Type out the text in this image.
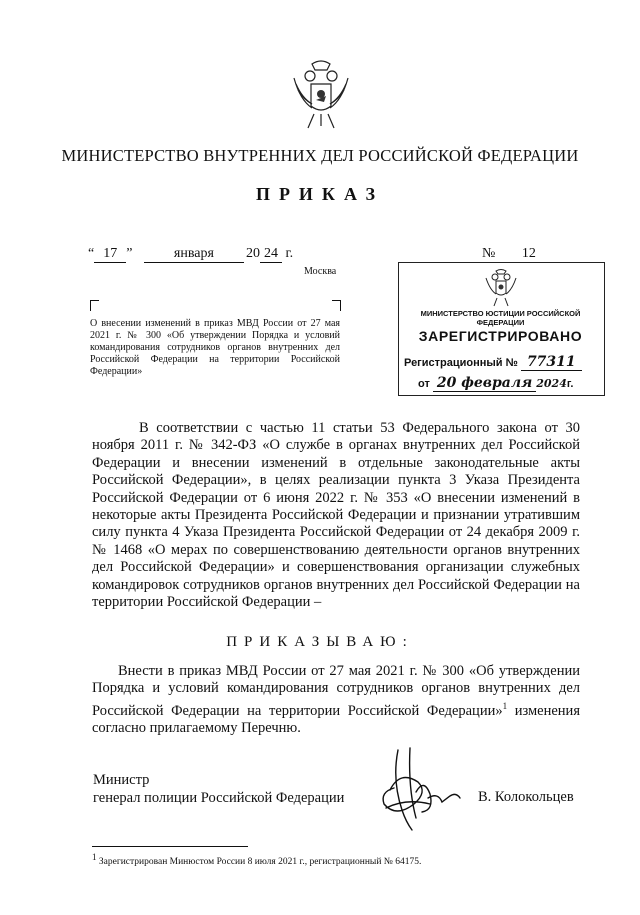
МИНИСТЕРСТВО ВНУТРЕННИХ ДЕЛ РОССИЙСКОЙ ФЕДЕРАЦИИ
ПРИКАЗ
“ 17 ”	января 20 24 г.
Москва
№ 12
О внесении изменений в приказ МВД России от 27 мая 2021 г. № 300 «Об утверждении Порядка и условий командирования сотрудников органов внутренних дел Российской Федерации на территории Российской Федерации»
МИНИСТЕРСТВО ЮСТИЦИИ РОССИЙСКОЙ ФЕДЕРАЦИИ
ЗАРЕГИСТРИРОВАНО
Регистрационный № 77311
от 20 февраля 2024г.
В соответствии с частью 11 статьи 53 Федерального закона от 30 ноября 2011 г. № 342-ФЗ «О службе в органах внутренних дел Российской Федерации и внесении изменений в отдельные законодательные акты Российской Федерации», в целях реализации пункта 3 Указа Президента Российской Федерации от 6 июня 2022 г. № 353 «О внесении изменений в некоторые акты Президента Российской Федерации и признании утратившим силу пункта 4 Указа Президента Российской Федерации от 24 декабря 2009 г. № 1468 «О мерах по совершенствованию деятельности органов внутренних дел Российской Федерации» и совершенствования организации служебных командировок сотрудников органов внутренних дел Российской Федерации на территории Российской Федерации –
ПРИКАЗЫВАЮ:
Внести в приказ МВД России от 27 мая 2021 г. № 300 «Об утверждении Порядка и условий командирования сотрудников органов внутренних дел Российской Федерации на территории Российской Федерации»$^1$ изменения согласно прилагаемому Перечню.
Министр
генерал полиции Российской Федерации	В. Колокольцев
$^1$ Зарегистрирован Минюстом России 8 июля 2021 г., регистрационный № 64175.
